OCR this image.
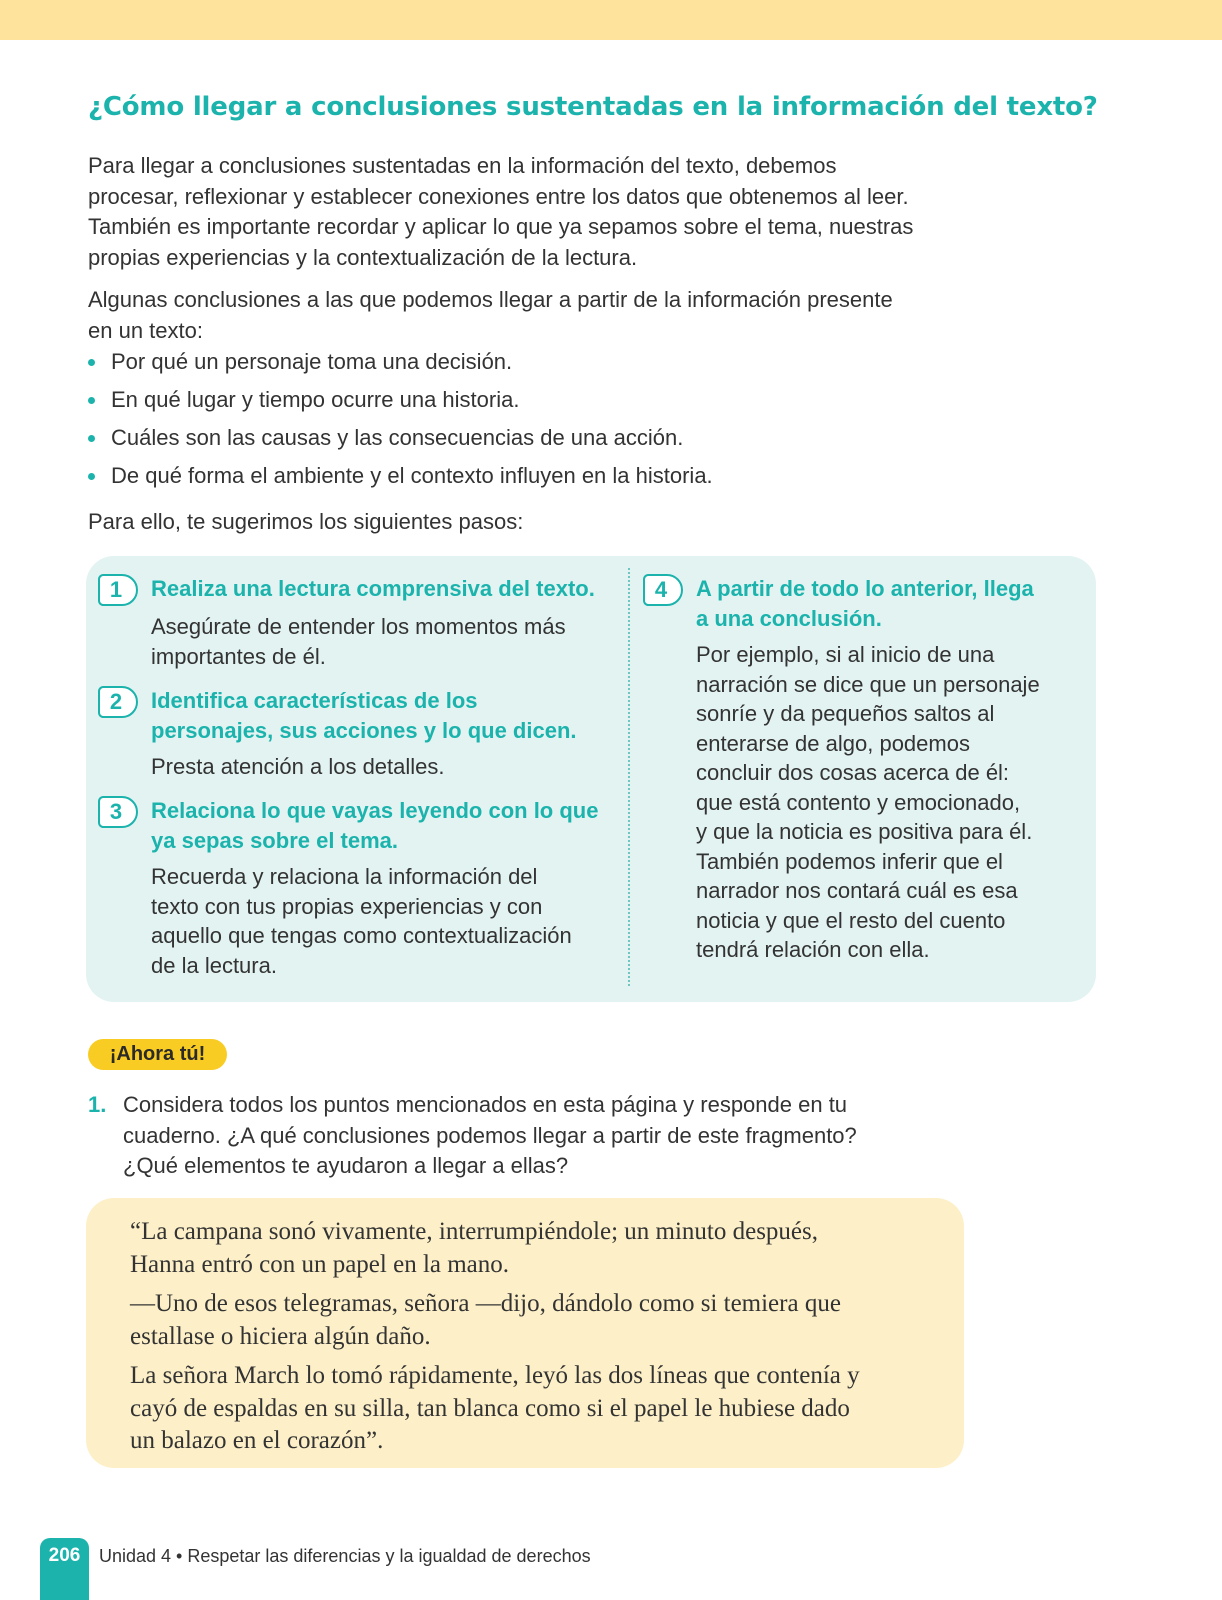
¿Cómo llegar a conclusiones sustentadas en la información del texto?
Para llegar a conclusiones sustentadas en la información del texto, debemos
procesar, reflexionar y establecer conexiones entre los datos que obtenemos al leer.
También es importante recordar y aplicar lo que ya sepamos sobre el tema, nuestras
propias experiencias y la contextualización de la lectura.
Algunas conclusiones a las que podemos llegar a partir de la información presente
en un texto:
Por qué un personaje toma una decisión.
En qué lugar y tiempo ocurre una historia.
Cuáles son las causas y las consecuencias de una acción.
De qué forma el ambiente y el contexto influyen en la historia.
Para ello, te sugerimos los siguientes pasos:
1	Realiza una lectura comprensiva del texto.
Asegúrate de entender los momentos más
importantes de él.
2	Identifica características de los
personajes, sus acciones y lo que dicen.
Presta atención a los detalles.
3	Relaciona lo que vayas leyendo con lo que
ya sepas sobre el tema.
Recuerda y relaciona la información del
texto con tus propias experiencias y con
aquello que tengas como contextualización
de la lectura.
4	A partir de todo lo anterior, llega
a una conclusión.
Por ejemplo, si al inicio de una
narración se dice que un personaje
sonríe y da pequeños saltos al
enterarse de algo, podemos
concluir dos cosas acerca de él:
que está contento y emocionado,
y que la noticia es positiva para él.
También podemos inferir que el
narrador nos contará cuál es esa
noticia y que el resto del cuento
tendrá relación con ella.
¡Ahora tú!
1. Considera todos los puntos mencionados en esta página y responde en tu
cuaderno. ¿A qué conclusiones podemos llegar a partir de este fragmento?
¿Qué elementos te ayudaron a llegar a ellas?
“La campana sonó vivamente, interrumpiéndole; un minuto después,
Hanna entró con un papel en la mano.
—Uno de esos telegramas, señora —dijo, dándolo como si temiera que
estallase o hiciera algún daño.
La señora March lo tomó rápidamente, leyó las dos líneas que contenía y
cayó de espaldas en su silla, tan blanca como si el papel le hubiese dado
un balazo en el corazón”.
206	Unidad 4 • Respetar las diferencias y la igualdad de derechos
